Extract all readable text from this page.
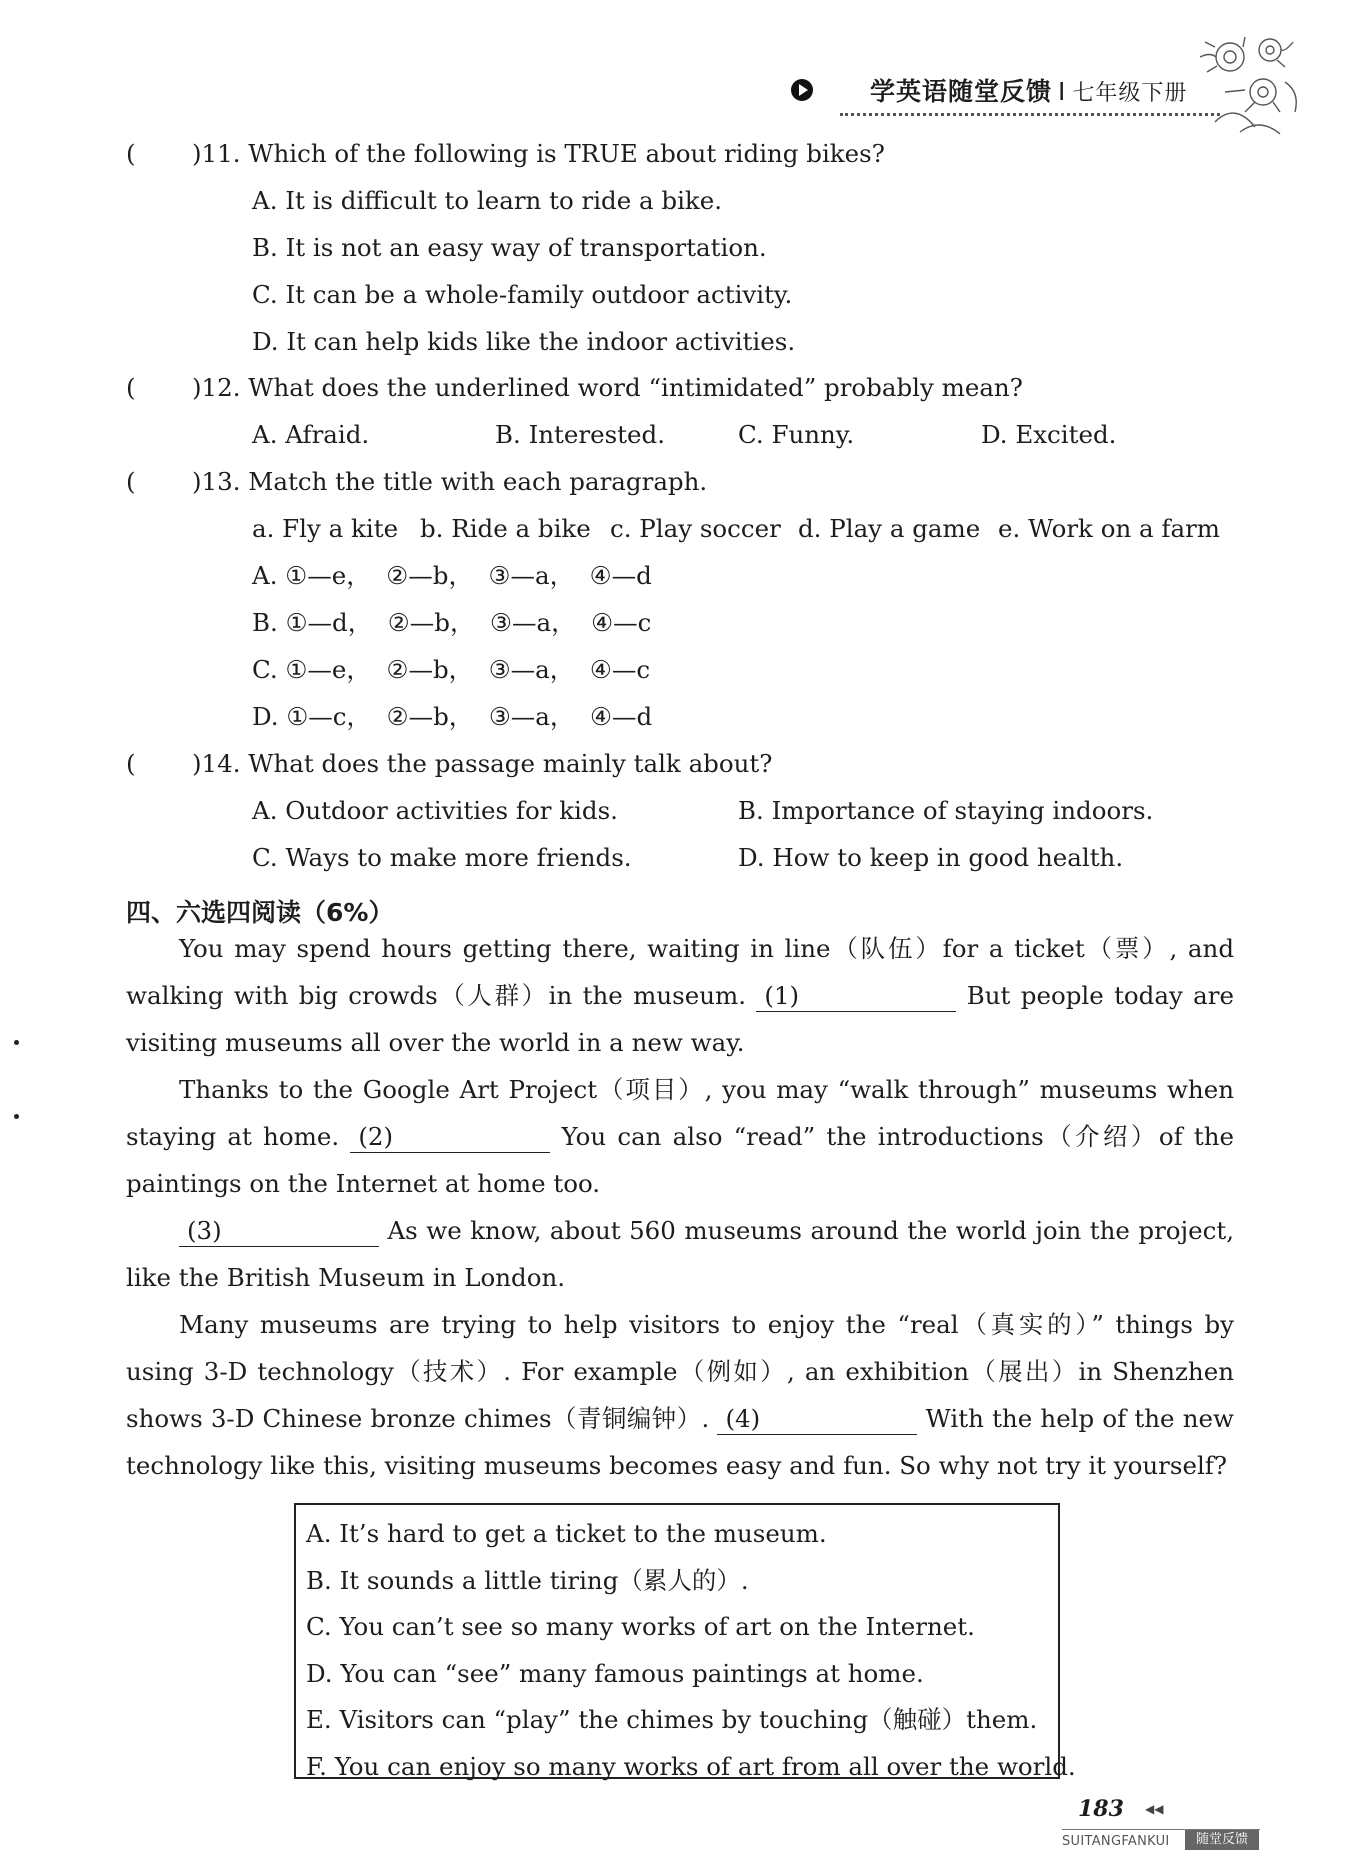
学英语随堂反馈 I 七年级下册
( )11. Which of the following is TRUE about riding bikes?
A. It is difficult to learn to ride a bike.
B. It is not an easy way of transportation.
C. It can be a whole-family outdoor activity.
D. It can help kids like the indoor activities.
( )12. What does the underlined word “intimidated” probably mean?
A. Afraid.	B. Interested.	C. Funny.	D. Excited.
( )13. Match the title with each paragraph.
a. Fly a kite b. Ride a bike c. Play soccer d. Play a game e. Work on a farm
A. ①—e，  ②—b，  ③—a，  ④—d
B. ①—d，  ②—b，  ③—a，  ④—c
C. ①—e，  ②—b，  ③—a，  ④—c
D. ①—c，  ②—b，  ③—a，  ④—d
( )14. What does the passage mainly talk about?
A. Outdoor activities for kids.	B. Importance of staying indoors.
C. Ways to make more friends.	D. How to keep in good health.
四、六选四阅读（6%）

You may spend hours getting there, waiting in line（队伍）for a ticket（票）, and walking with big crowds（人群）in the museum. (1)	But people today are visiting museums all over the world in a new way.

Thanks to the Google Art Project（项目）, you may “walk through” museums when staying at home. (2)	You can also “read” the introductions（介绍）of the paintings on the Internet at home too.

(3)	As we know, about 560 museums around the world join the project, like the British Museum in London.

Many museums are trying to help visitors to enjoy the “real（真实的）” things by using 3-D technology（技术）. For example（例如）, an exhibition（展出）in Shenzhen shows 3-D Chinese bronze chimes（青铜编钟）. (4)	With the help of the new technology like this, visiting museums becomes easy and fun. So why not try it yourself?

A. It’s hard to get a ticket to the museum.
B. It sounds a little tiring（累人的）.
C. You can’t see so many works of art on the Internet.
D. You can “see” many famous paintings at home.
E. Visitors can “play” the chimes by touching（触碰）them.
F. You can enjoy so many works of art from all over the world.
183 ◀◀
SUITANGFANKUI	随堂反馈
